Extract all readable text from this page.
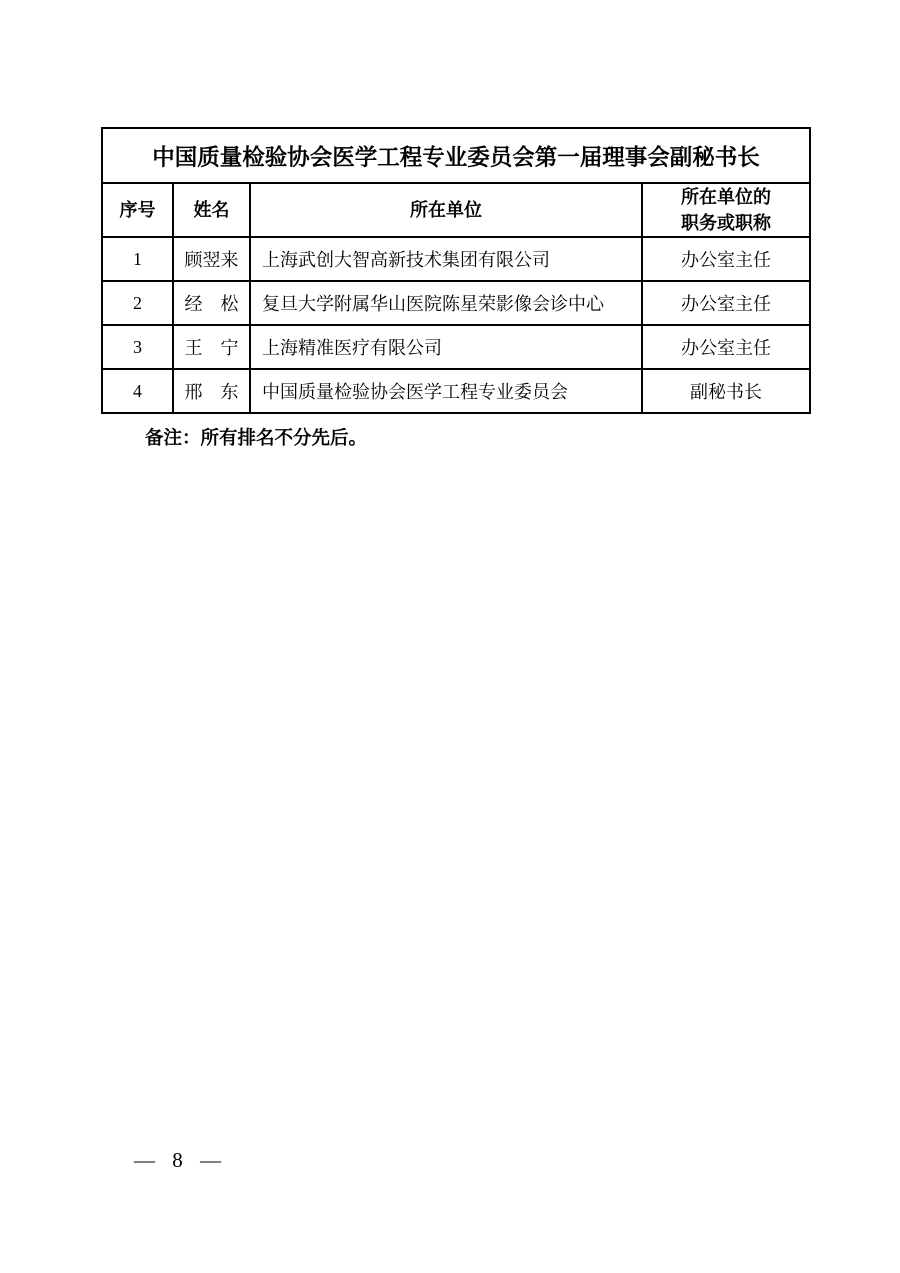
中国质量检验协会医学工程专业委员会第一届理事会副秘书长			
序号	姓名	所在单位	所在单位的
职务或职称

1	顾翌来	上海武创大智高新技术集团有限公司	办公室主任
2	经　松	复旦大学附属华山医院陈星荣影像会诊中心	办公室主任
3	王　宁	上海精准医疗有限公司	办公室主任
4	邢　东	中国质量检验协会医学工程专业委员会	副秘书长
备注：所有排名不分先后。
— 8 —
